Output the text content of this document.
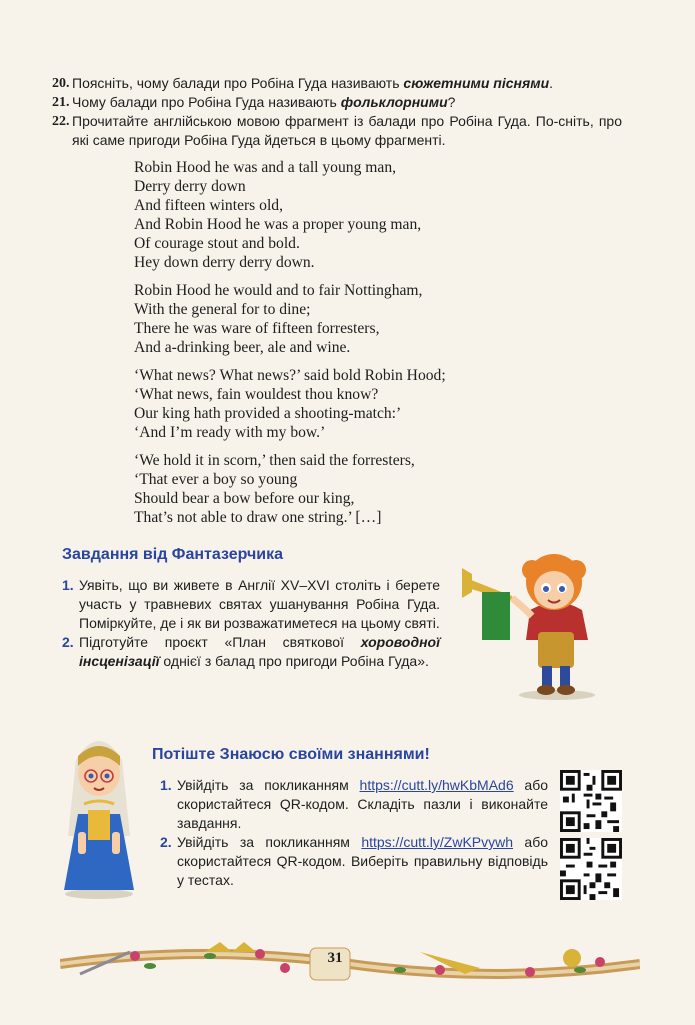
20. Поясніть, чому балади про Робіна Гуда називають сюжетними піснями.
21. Чому балади про Робіна Гуда називають фольклорними?
22. Прочитайте англійською мовою фрагмент із балади про Робіна Гуда. По-сніть, про які саме пригоди Робіна Гуда йдеться в цьому фрагменті.
Robin Hood he was and a tall young man,
Derry derry down
And fifteen winters old,
And Robin Hood he was a proper young man,
Of courage stout and bold.
Hey down derry derry down.
Robin Hood he would and to fair Nottingham,
With the general for to dine;
There he was ware of fifteen forresters,
And a-drinking beer, ale and wine.
‘What news? What news?’ said bold Robin Hood;
‘What news, fain wouldest thou know?
Our king hath provided a shooting-match:’
‘And I’m ready with my bow.’
‘We hold it in scorn,’ then said the forresters,
‘That ever a boy so young
Should bear a bow before our king,
That’s not able to draw one string.’ […]
Завдання від Фантазерчика
1. Уявіть, що ви живете в Англії XV–XVI століть і берете участь у травневих святах ушанування Робіна Гуда. Поміркуйте, де і як ви розважатиметеся на цьому святі.
2. Підготуйте проєкт «План святкової хороводної інсценізації однієї з балад про пригоди Робіна Гуда».
Потіште Знаюсю своїми знаннями!
1. Увійдіть за покликанням https://cutt.ly/hwKbMAd6 або скористайтеся QR-кодом. Складіть пазли і виконайте завдання.
2. Увійдіть за покликанням https://cutt.ly/ZwKPvywh або скористайтеся QR-кодом. Виберіть правильну відповідь у тестах.
31
